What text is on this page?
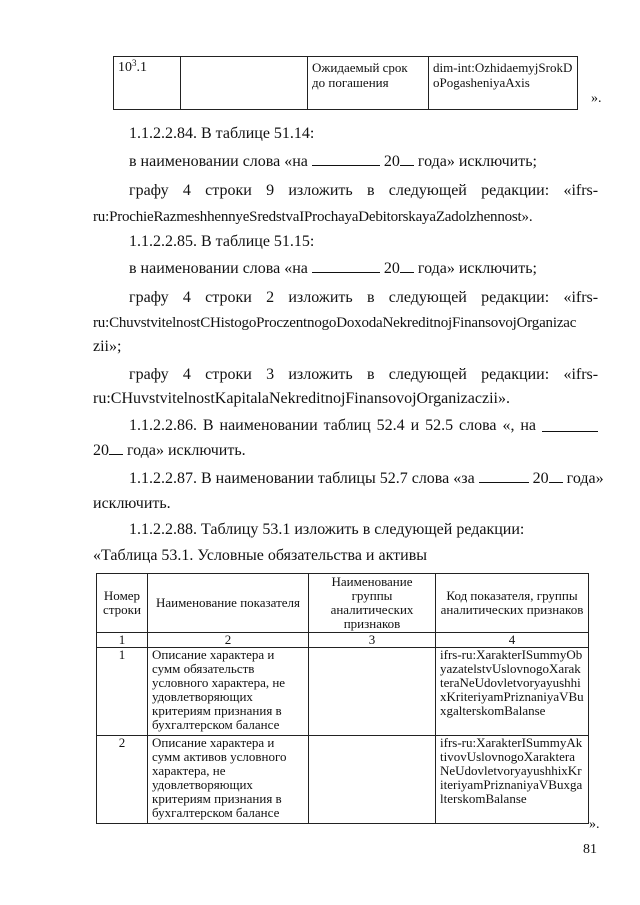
$10^3.1$		Ожидаемый срок до погашения	dim-int:OzhidaemyjSrokDoPogasheniyaAxis
».
1.1.2.2.84. В таблице 51.14:
в наименовании слова «на	20 года» исключить;
графу 4 строки 9 изложить в следующей редакции: «ifrs-
ru:ProchieRazmeshhennyeSredstvaIProchayaDebitorskayaZadolzhennost».
1.1.2.2.85. В таблице 51.15:
в наименовании слова «на	20 года» исключить;
графу 4 строки 2 изложить в следующей редакции: «ifrs-
ru:ChuvstvitelnostCHistogoProczentnogoDoxodaNekreditnojFinansovojOrganizac
zii»;
графу 4 строки 3 изложить в следующей редакции: «ifrs-
ru:CHuvstvitelnostKapitalaNekreditnojFinansovojOrganizaczii».
1.1.2.2.86. В наименовании таблиц 52.4 и 52.5 слова «, на
20 года» исключить.
1.1.2.2.87. В наименовании таблицы 52.7 слова «за	20 года»
исключить.
1.1.2.2.88. Таблицу 53.1 изложить в следующей редакции:
«Таблица 53.1. Условные обязательства и активы
Номер строки	Наименование показателя	Наименование группы аналитических признаков	Код показателя, группы аналитических признаков
1	2	3	4
1	Описание характера и сумм обязательств условного характера, не удовлетворяющих критериям признания в бухгалтерском балансе		ifrs-ru:XarakterISummyObyazatelstvUslovnogoXarakteraNeUdovletvoryayushhixKriteriyamPriznaniyaVBuxgalterskomBalanse
2	Описание характера и сумм активов условного характера, не удовлетворяющих критериям признания в бухгалтерском балансе		ifrs-ru:XarakterISummyAktivovUslovnogoXarakteraNeUdovletvoryayushhixKriteriyamPriznaniyaVBuxgalterskomBalanse
».
81
